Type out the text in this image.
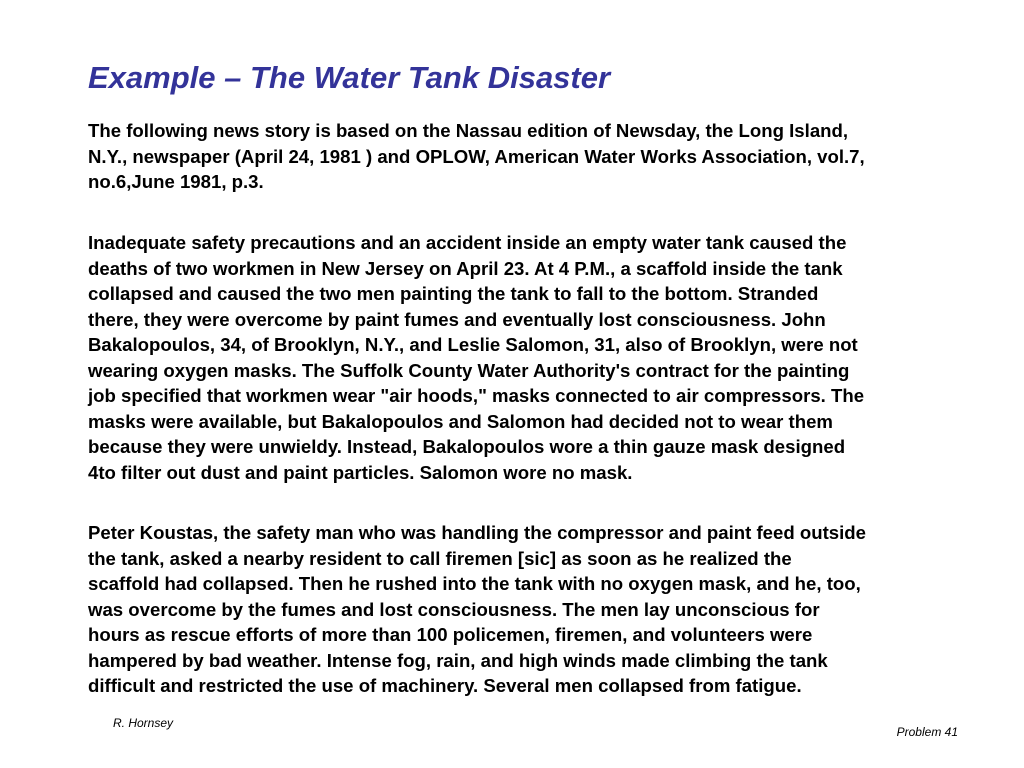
Example – The Water Tank Disaster

The following news story is based on the Nassau edition of Newsday, the Long Island,
N.Y., newspaper (April 24, 1981 ) and OPLOW, American Water Works Association, vol.7,
no.6,June 1981, p.3.

Inadequate safety precautions and an accident inside an empty water tank caused the
deaths of two workmen in New Jersey on April 23. At 4 P.M., a scaffold inside the tank
collapsed and caused the two men painting the tank to fall to the bottom. Stranded
there, they were overcome by paint fumes and eventually lost consciousness. John
Bakalopoulos, 34, of Brooklyn, N.Y., and Leslie Salomon, 31, also of Brooklyn, were not
wearing oxygen masks. The Suffolk County Water Authority's contract for the painting
job specified that workmen wear "air hoods," masks connected to air compressors. The
masks were available, but Bakalopoulos and Salomon had decided not to wear them
because they were unwieldy. Instead, Bakalopoulos wore a thin gauze mask designed
4to filter out dust and paint particles. Salomon wore no mask.

Peter Koustas, the safety man who was handling the compressor and paint feed outside
the tank, asked a nearby resident to call firemen [sic] as soon as he realized the
scaffold had collapsed. Then he rushed into the tank with no oxygen mask, and he, too,
was overcome by the fumes and lost consciousness. The men lay unconscious for
hours as rescue efforts of more than 100 policemen, firemen, and volunteers were
hampered by bad weather. Intense fog, rain, and high winds made climbing the tank
difficult and restricted the use of machinery. Several men collapsed from fatigue.

R. Hornsey
Problem 41
